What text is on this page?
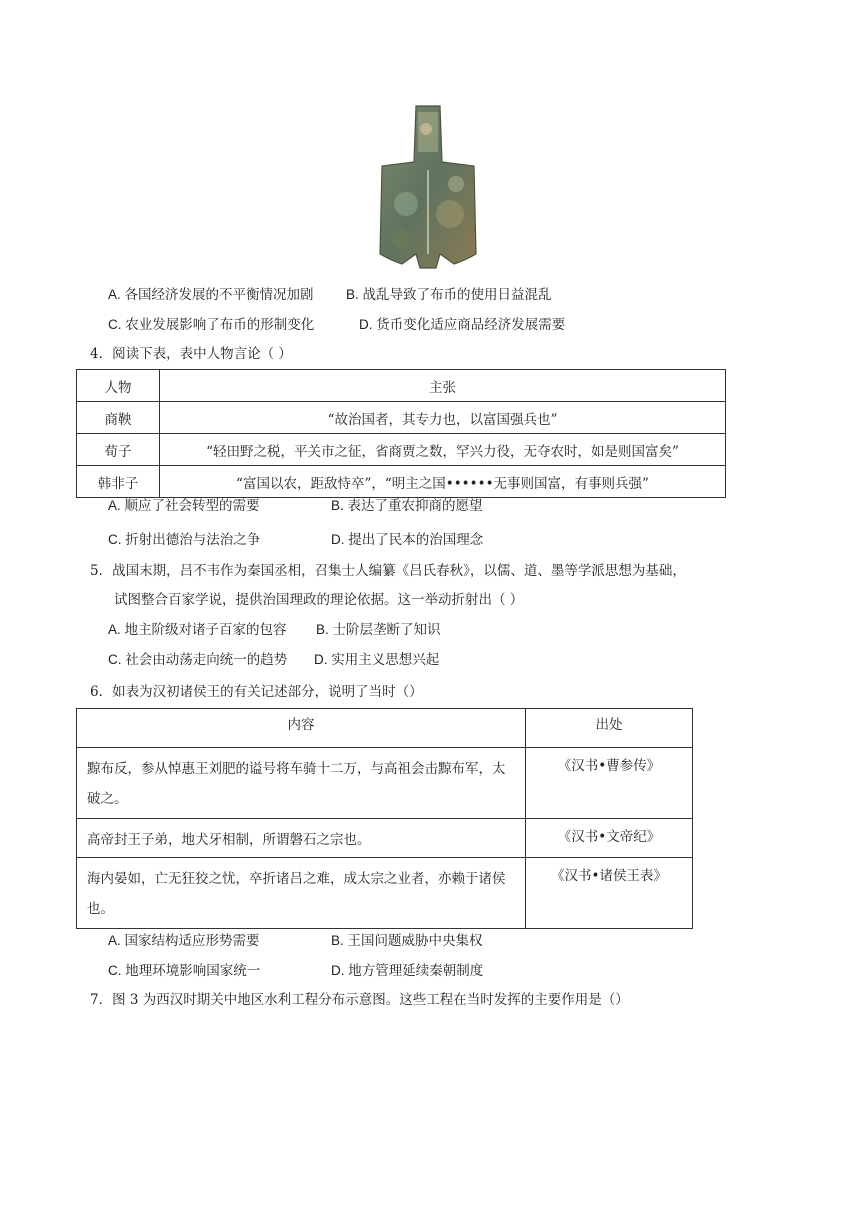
A. 各国经济发展的不平衡情况加剧 B. 战乱导致了布币的使用日益混乱
C. 农业发展影响了布币的形制变化	D. 货币变化适应商品经济发展需要
4．阅读下表，表中人物言论（ ）
人物	主张
商鞅	“故治国者，其专力也，以富国强兵也”
荀子	“轻田野之税，平关市之征，省商贾之数，罕兴力役，无夺农时，如是则国富矣”
韩非子	“富国以农，距敌恃卒”，“明主之国••••••无事则国富，有事则兵强”
A. 顺应了社会转型的需要	B. 表达了重农抑商的愿望
C. 折射出德治与法治之争	D. 提出了民本的治国理念
5．战国末期，吕不韦作为秦国丞相，召集士人编纂《吕氏春秋》，以儒、道、墨等学派思想为基础，
试图整合百家学说，提供治国理政的理论依据。这一举动折射出（ ）
A. 地主阶级对诸子百家的包容 B. 士阶层垄断了知识
C. 社会由动荡走向统一的趋势 D. 实用主义思想兴起
6．如表为汉初诸侯王的有关记述部分，说明了当时（）
内容	出处
黥布反，参从悼惠王刘肥的谥号将车骑十二万，与高祖会击黥布军，太破之。	《汉书•曹参传》
高帝封王子弟，地犬牙相制，所谓磐石之宗也。	《汉书•文帝纪》
海内晏如，亡无狂狡之忧，卒折诸吕之难，成太宗之业者，亦赖于诸侯也。	《汉书•诸侯王表》
A. 国家结构适应形势需要	B. 王国问题威胁中央集权
C. 地理环境影响国家统一	D. 地方管理延续秦朝制度
7．图 3 为西汉时期关中地区水利工程分布示意图。这些工程在当时发挥的主要作用是（）
